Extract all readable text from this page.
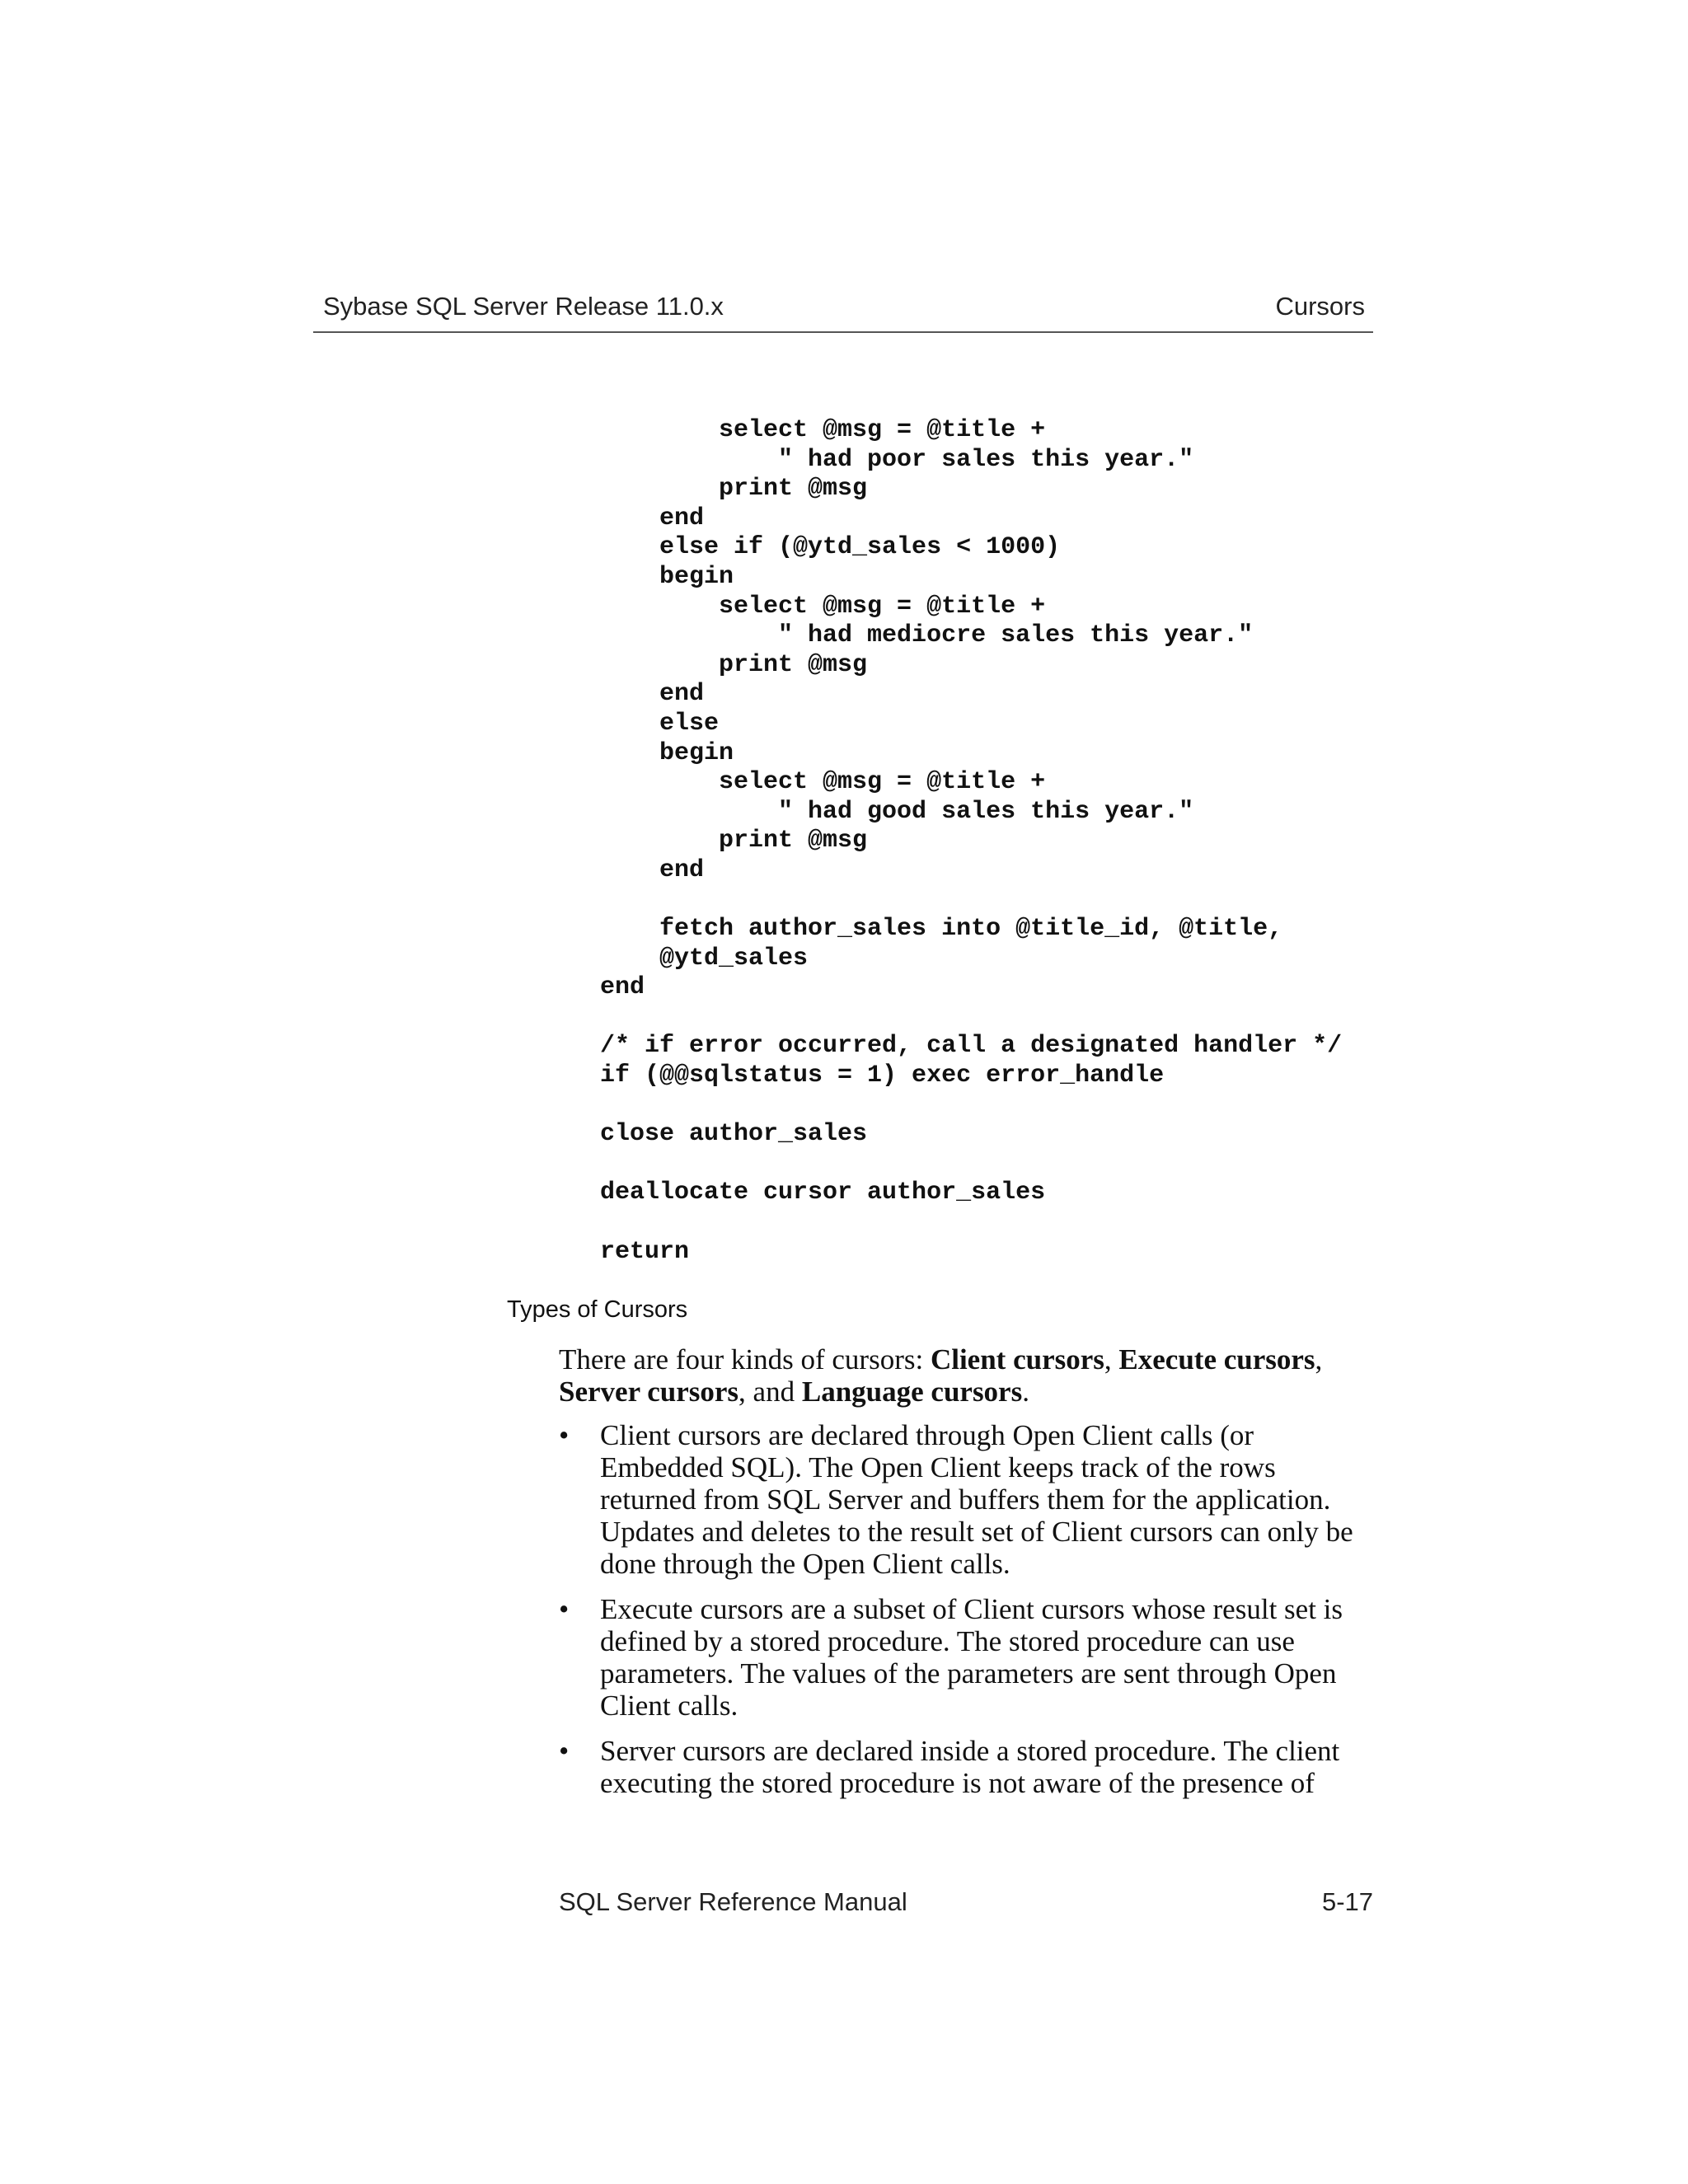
Sybase SQL Server Release 11.0.x	Cursors
select @msg = @title +
" had poor sales this year."
print @msg
end
else if (@ytd_sales < 1000)
begin
select @msg = @title +
" had mediocre sales this year."
print @msg
end
else
begin
select @msg = @title +
" had good sales this year."
print @msg
end
fetch author_sales into @title_id, @title,
@ytd_sales
end
/* if error occurred, call a designated handler */
if (@@sqlstatus = 1) exec error_handle
close author_sales
deallocate cursor author_sales
return
Types of Cursors
There are four kinds of cursors: Client cursors, Execute cursors, Server cursors, and Language cursors.
• Client cursors are declared through Open Client calls (or Embedded SQL). The Open Client keeps track of the rows returned from SQL Server and buffers them for the application. Updates and deletes to the result set of Client cursors can only be done through the Open Client calls.
• Execute cursors are a subset of Client cursors whose result set is defined by a stored procedure. The stored procedure can use parameters. The values of the parameters are sent through Open Client calls.
• Server cursors are declared inside a stored procedure. The client executing the stored procedure is not aware of the presence of
SQL Server Reference Manual	5-17
